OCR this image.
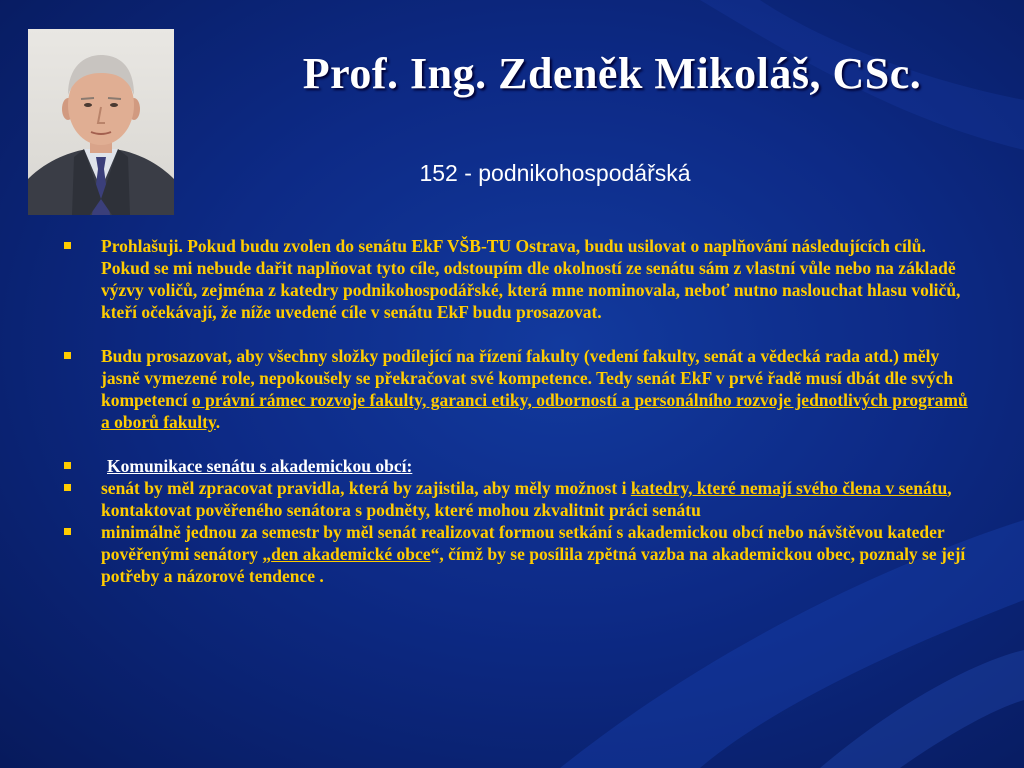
Prof. Ing. Zdeněk Mikoláš, CSc.
152 - podnikohospodářská
Prohlašuji. Pokud budu zvolen do senátu EkF VŠB-TU Ostrava, budu usilovat o naplňování následujících cílů. Pokud se mi nebude dařit naplňovat tyto cíle, odstoupím dle okolností ze senátu sám z vlastní vůle nebo na základě výzvy voličů, zejména z katedry podnikohospodářské, která mne nominovala, neboť nutno naslouchat hlasu voličů, kteří očekávají, že níže uvedené cíle v senátu EkF budu prosazovat.
Budu prosazovat, aby všechny složky podílející na řízení fakulty (vedení fakulty, senát a vědecká rada atd.) měly jasně vymezené role, nepokoušely se překračovat své kompetence. Tedy senát EkF v prvé řadě musí dbát dle svých kompetencí o právní rámec rozvoje fakulty, garanci etiky, odborností a personálního rozvoje jednotlivých programů a oborů fakulty.
Komunikace senátu s akademickou obcí:
senát by měl zpracovat pravidla, která by zajistila, aby měly možnost i katedry, které nemají svého člena v senátu, kontaktovat pověřeného senátora s podněty, které mohou zkvalitnit práci senátu
minimálně jednou za semestr by měl senát realizovat formou setkání s akademickou obcí nebo návštěvou kateder pověřenými senátory „den akademické obce“, čímž by se posílila zpětná vazba na akademickou obec, poznaly se její potřeby a názorové tendence .
